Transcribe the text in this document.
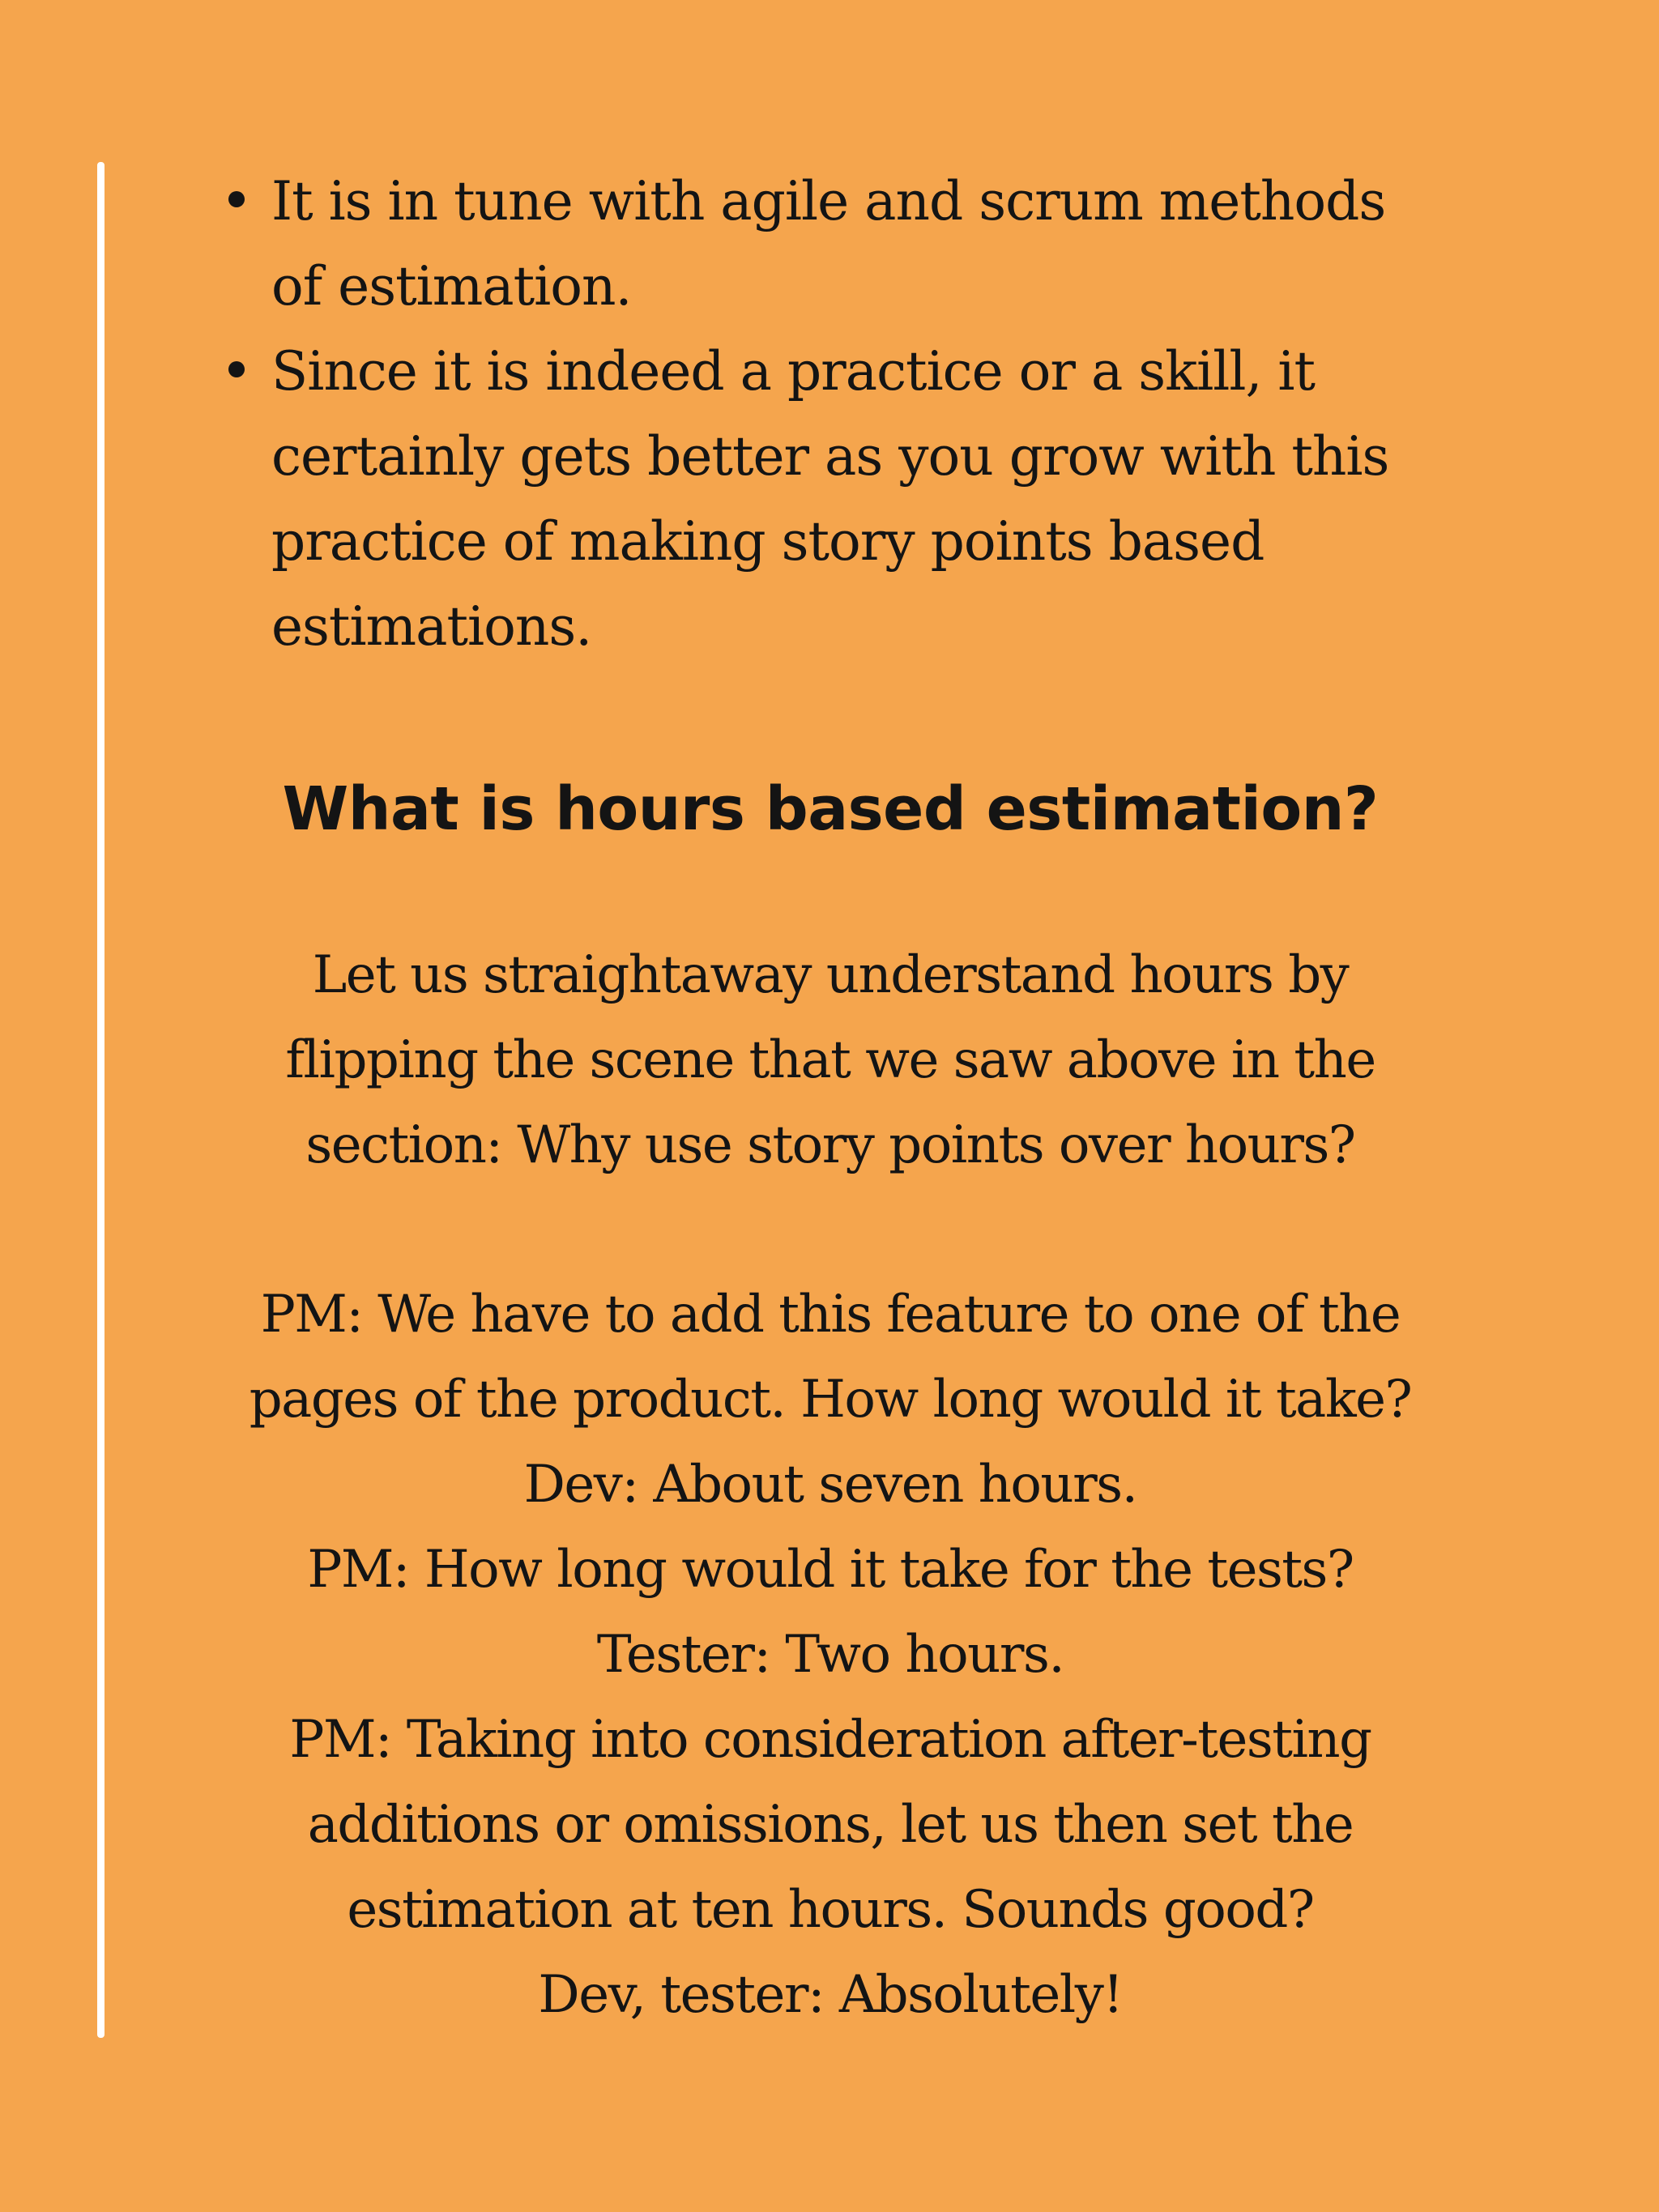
It is in tune with agile and scrum methods
of estimation.
Since it is indeed a practice or a skill, it
certainly gets better as you grow with this
practice of making story points based
estimations.
What is hours based estimation?

Let us straightaway understand hours by
flipping the scene that we saw above in the
section: Why use story points over hours?

PM: We have to add this feature to one of the
pages of the product. How long would it take?
Dev: About seven hours.
PM: How long would it take for the tests?
Tester: Two hours.
PM: Taking into consideration after-testing
additions or omissions, let us then set the
estimation at ten hours. Sounds good?
Dev, tester: Absolutely!
